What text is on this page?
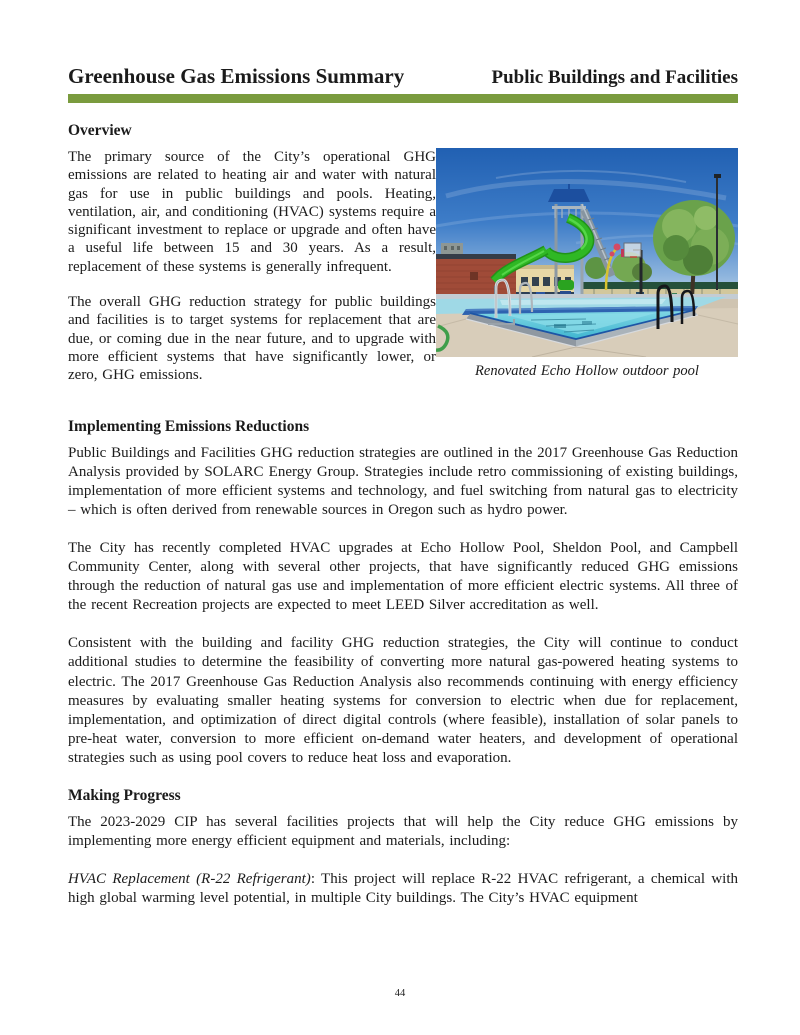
Greenhouse Gas Emissions Summary	Public Buildings and Facilities
Overview

The primary source of the City’s operational GHG emissions are related to heating air and water with natural gas for use in public buildings and pools. Heating, ventilation, air, and conditioning (HVAC) systems require a significant investment to replace or upgrade and often have a useful life between 15 and 30 years. As a result, replacement of these systems is generally infrequent.

The overall GHG reduction strategy for public buildings and facilities is to target systems for replacement that are due, or coming due in the near future, and to upgrade with more efficient systems that have significantly lower, or zero, GHG emissions.	Renovated Echo Hollow outdoor pool
Implementing Emissions Reductions

Public Buildings and Facilities GHG reduction strategies are outlined in the 2017 Greenhouse Gas Reduction Analysis provided by SOLARC Energy Group. Strategies include retro commissioning of existing buildings, implementation of more efficient systems and technology, and fuel switching from natural gas to electricity – which is often derived from renewable sources in Oregon such as hydro power.

The City has recently completed HVAC upgrades at Echo Hollow Pool, Sheldon Pool, and Campbell Community Center, along with several other projects, that have significantly reduced GHG emissions through the reduction of natural gas use and implementation of more efficient electric systems. All three of the recent Recreation projects are expected to meet LEED Silver accreditation as well.

Consistent with the building and facility GHG reduction strategies, the City will continue to conduct additional studies to determine the feasibility of converting more natural gas-powered heating systems to electric. The 2017 Greenhouse Gas Reduction Analysis also recommends continuing with energy efficiency measures by evaluating smaller heating systems for conversion to electric when due for replacement, implementation, and optimization of direct digital controls (where feasible), installation of solar panels to pre-heat water, conversion to more efficient on-demand water heaters, and development of operational strategies such as using pool covers to reduce heat loss and evaporation.

Making Progress

The 2023-2029 CIP has several facilities projects that will help the City reduce GHG emissions by implementing more energy efficient equipment and materials, including:

HVAC Replacement (R-22 Refrigerant): This project will replace R-22 HVAC refrigerant, a chemical with high global warming level potential, in multiple City buildings. The City’s HVAC equipment

44
